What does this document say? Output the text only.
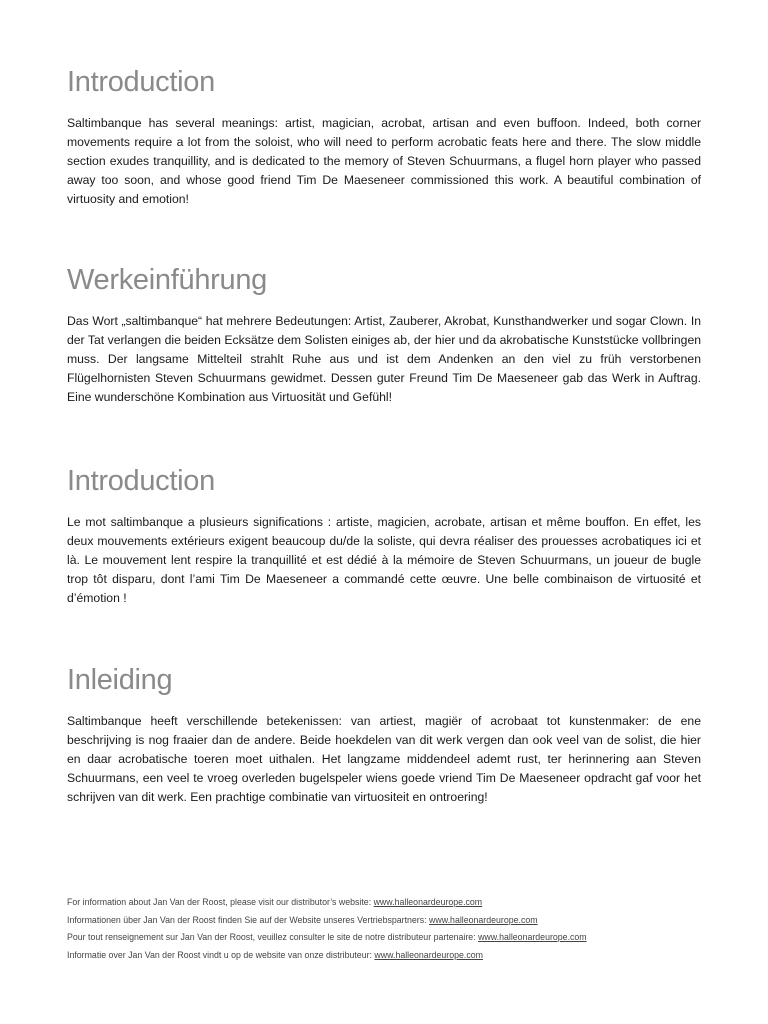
Introduction

Saltimbanque has several meanings: artist, magician, acrobat, artisan and even buffoon. Indeed, both corner movements require a lot from the soloist, who will need to perform acrobatic feats here and there. The slow middle section exudes tranquillity, and is dedicated to the memory of Steven Schuurmans, a flugel horn player who passed away too soon, and whose good friend Tim De Maeseneer commissioned this work. A beautiful combination of virtuosity and emotion!

Werkeinführung

Das Wort „saltimbanque“ hat mehrere Bedeutungen: Artist, Zauberer, Akrobat, Kunsthandwerker und sogar Clown. In der Tat verlangen die beiden Ecksätze dem Solisten einiges ab, der hier und da akrobatische Kunststücke vollbringen muss. Der langsame Mittelteil strahlt Ruhe aus und ist dem Andenken an den viel zu früh verstorbenen Flügelhornisten Steven Schuurmans gewidmet. Dessen guter Freund Tim De Maeseneer gab das Werk in Auftrag. Eine wunderschöne Kombination aus Virtuosität und Gefühl!

Introduction

Le mot saltimbanque a plusieurs significations : artiste, magicien, acrobate, artisan et même bouffon. En effet, les deux mouvements extérieurs exigent beaucoup du/de la soliste, qui devra réaliser des prouesses acrobatiques ici et là. Le mouvement lent respire la tranquillité et est dédié à la mémoire de Steven Schuurmans, un joueur de bugle trop tôt disparu, dont l’ami Tim De Maeseneer a commandé cette œuvre. Une belle combinaison de virtuosité et d’émotion !

Inleiding

Saltimbanque heeft verschillende betekenissen: van artiest, magiër of acrobaat tot kunstenmaker: de ene beschrijving is nog fraaier dan de andere. Beide hoekdelen van dit werk vergen dan ook veel van de solist, die hier en daar acrobatische toeren moet uithalen. Het langzame middendeel ademt rust, ter herinnering aan Steven Schuurmans, een veel te vroeg overleden bugelspeler wiens goede vriend Tim De Maeseneer opdracht gaf voor het schrijven van dit werk. Een prachtige combinatie van virtuositeit en ontroering!

For information about Jan Van der Roost, please visit our distributor’s website: www.halleonardeurope.com
Informationen über Jan Van der Roost finden Sie auf der Website unseres Vertriebspartners: www.halleonardeurope.com
Pour tout renseignement sur Jan Van der Roost, veuillez consulter le site de notre distributeur partenaire: www.halleonardeurope.com
Informatie over Jan Van der Roost vindt u op de website van onze distributeur: www.halleonardeurope.com
